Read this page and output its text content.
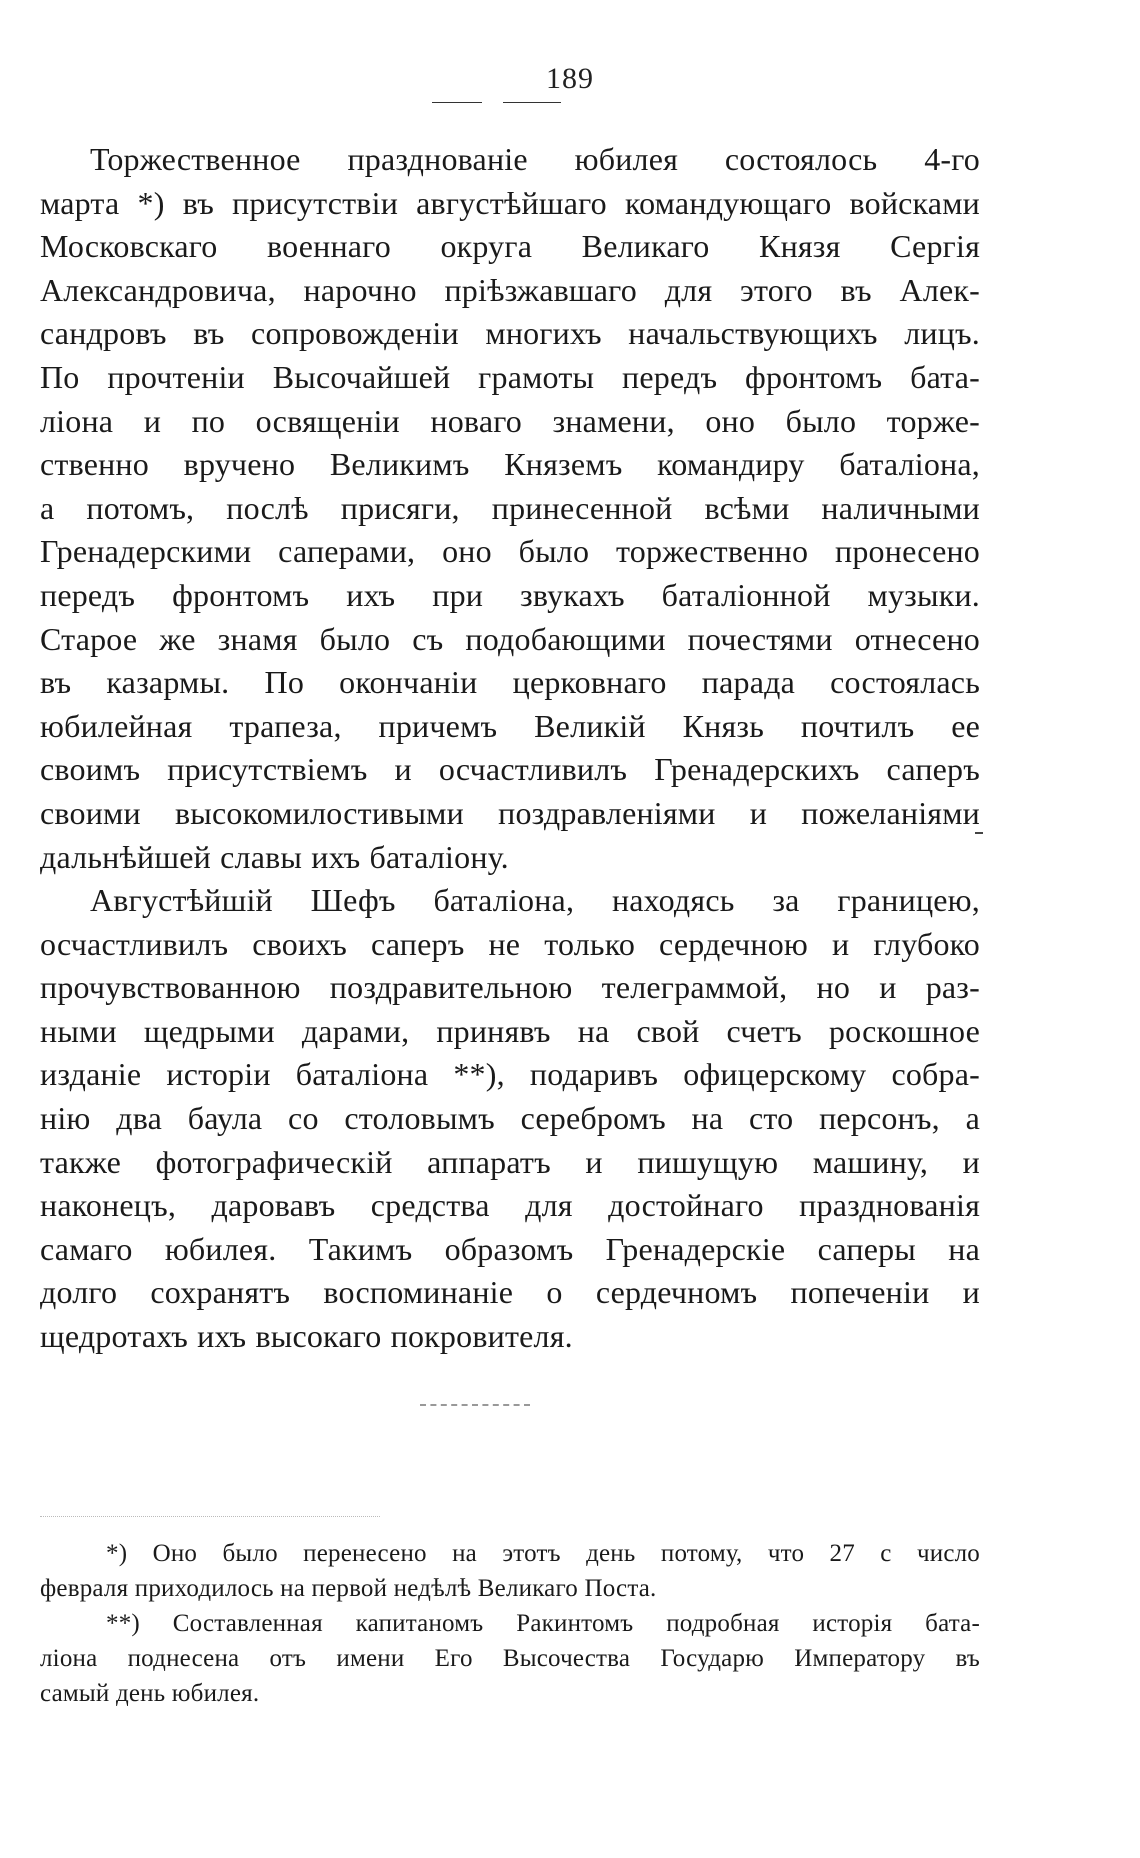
189
Торжественное празднованіе юбилея состоялось 4-го
марта *) въ присутствіи августѣйшаго командующаго войсками
Московскаго военнаго округа Великаго Князя Сергія
Александровича, нарочно пріѣзжавшаго для этого въ Алек-
сандровъ въ сопровожденіи многихъ начальствующихъ лицъ.
По прочтеніи Высочайшей грамоты передъ фронтомъ бата-
ліона и по освященіи новаго знамени, оно было торже-
ственно вручено Великимъ Княземъ командиру баталіона,
а потомъ, послѣ присяги, принесенной всѣми наличными
Гренадерскими саперами, оно было торжественно пронесено
передъ фронтомъ ихъ при звукахъ баталіонной музыки.
Старое же знамя было съ подобающими почестями отнесено
въ казармы. По окончаніи церковнаго парада состоялась
юбилейная трапеза, причемъ Великій Князь почтилъ ее
своимъ присутствіемъ и осчастливилъ Гренадерскихъ саперъ
своими высокомилостивыми поздравленіями и пожеланіями
дальнѣйшей славы ихъ баталіону.
Августѣйшій Шефъ баталіона, находясь за границею,
осчастливилъ своихъ саперъ не только сердечною и глубоко
прочувствованною поздравительною телеграммой, но и раз-
ными щедрыми дарами, принявъ на свой счетъ роскошное
изданіе исторіи баталіона **), подаривъ офицерскому собра-
нію два баула со столовымъ серебромъ на сто персонъ, а
также фотографическій аппаратъ и пишущую машину, и
наконецъ, даровавъ средства для достойнаго празднованія
самаго юбилея. Такимъ образомъ Гренадерскіе саперы на
долго сохранятъ воспоминаніе о сердечномъ попеченіи и
щедротахъ ихъ высокаго покровителя.
*) Оно было перенесено на этотъ день потому, что 27 с число
февраля приходилось на первой недѣлѣ Великаго Поста.
**) Составленная капитаномъ Ракинтомъ подробная исторія бата-
ліона поднесена отъ имени Его Высочества Государю Императору въ
самый день юбилея.
